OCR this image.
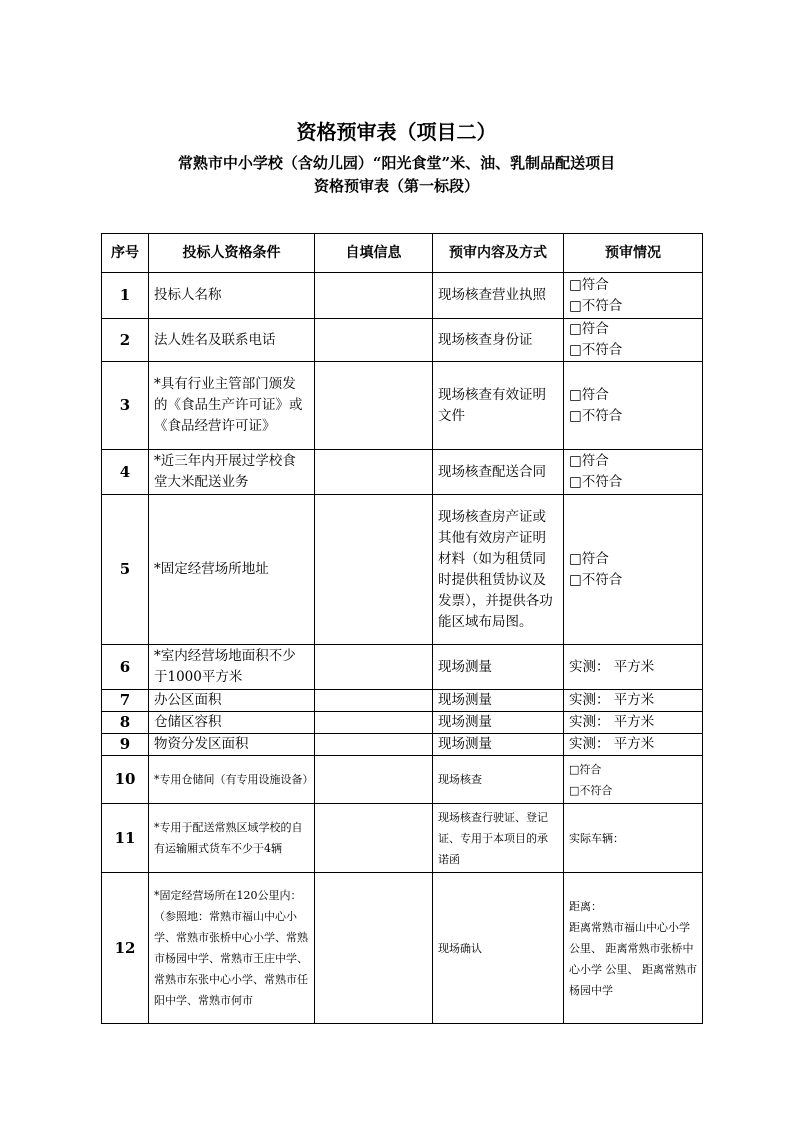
资格预审表（项目二）
常熟市中小学校（含幼儿园）“阳光食堂”米、油、乳制品配送项目
资格预审表（第一标段）
序号	投标人资格条件	自填信息	预审内容及方式	预审情况
1	投标人名称		现场核查营业执照	□符合
□不符合

2	法人姓名及联系电话		现场核查身份证	□符合
□不符合

3	*具有行业主管部门颁发的《食品生产许可证》或《食品经营许可证》		现场核查有效证明文件	□符合
□不符合

4	*近三年内开展过学校食堂大米配送业务		现场核查配送合同	□符合
□不符合

5	*固定经营场所地址		现场核查房产证或其他有效房产证明材料（如为租赁同时提供租赁协议及发票），并提供各功能区域布局图。	□符合
□不符合

6	*室内经营场地面积不少于1000平方米		现场测量	实测： 平方米
7	办公区面积		现场测量	实测： 平方米
8	仓储区容积		现场测量	实测： 平方米
9	物资分发区面积		现场测量	实测： 平方米
10	*专用仓储间（有专用设施设备）		现场核查	□符合
□不符合

11	*专用于配送常熟区域学校的自有运输厢式货车不少于4辆		现场核查行驶证、登记证、专用于本项目的承诺函	实际车辆：

12	*固定经营场所在120公里内：（参照地：常熟市福山中心小学、常熟市张桥中心小学、常熟市杨园中学、常熟市王庄中学、常熟市东张中心小学、常熟市任阳中学、常熟市何市		现场确认	距离：
距离常熟市福山中心小学 公里、 距离常熟市张桥中心小学 公里、 距离常熟市杨园中学
